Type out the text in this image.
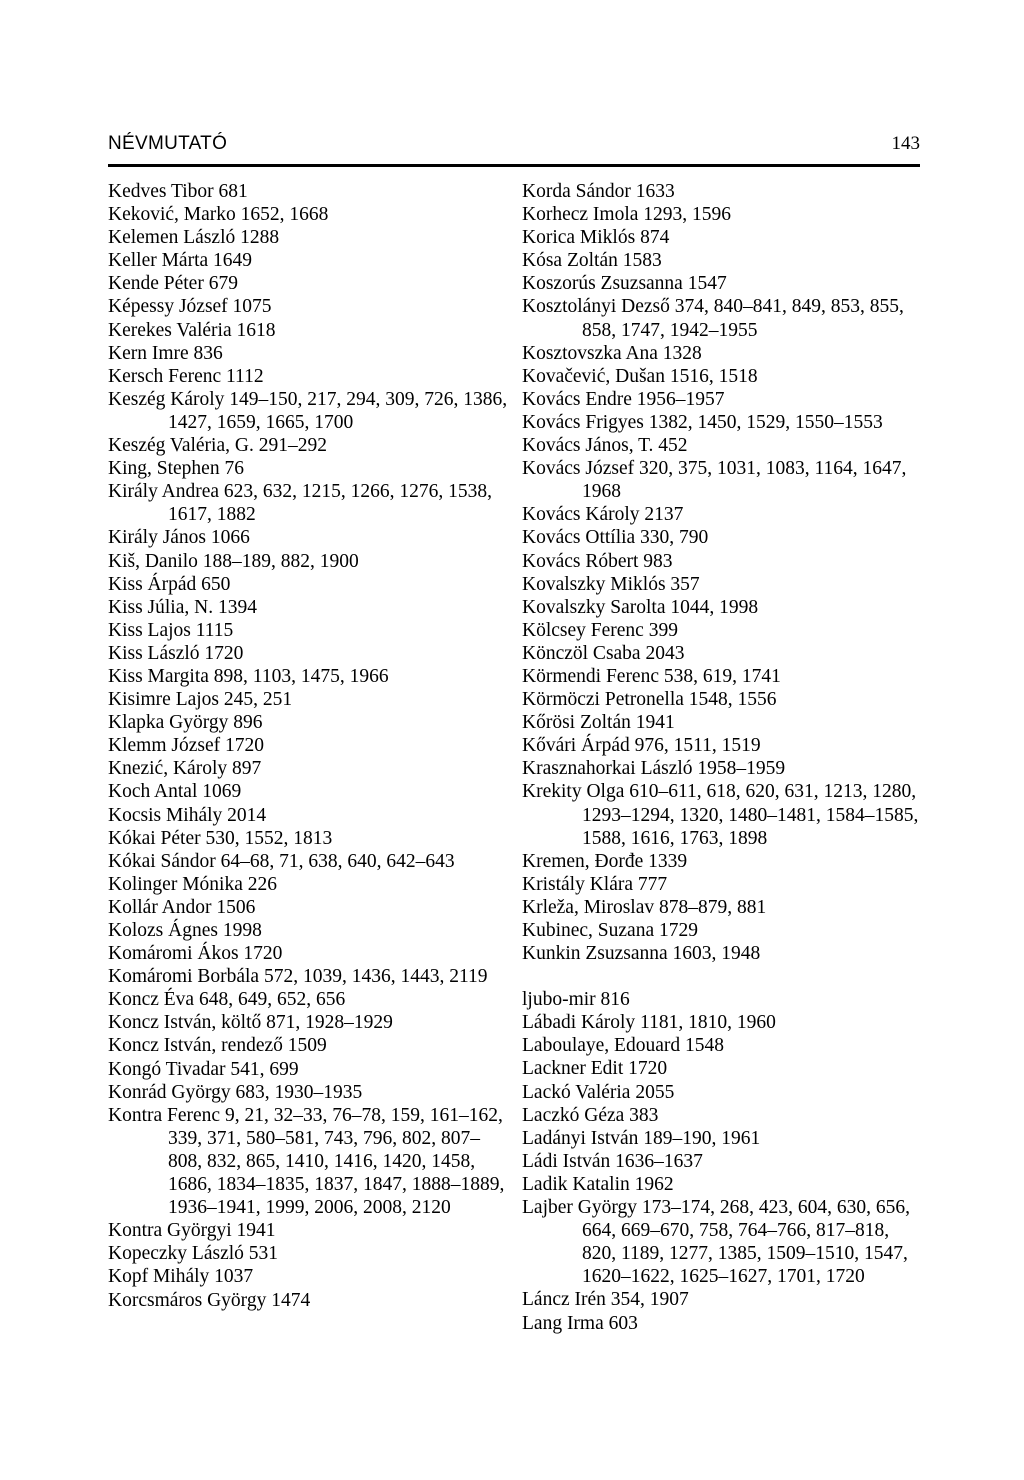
NÉVMUTATÓ	143
Kedves Tibor 681
Keković, Marko 1652, 1668
Kelemen László 1288
Keller Márta 1649
Kende Péter 679
Képessy József 1075
Kerekes Valéria 1618
Kern Imre 836
Kersch Ferenc 1112
Keszég Károly 149–150, 217, 294, 309, 726, 1386, 1427, 1659, 1665, 1700
Keszég Valéria, G. 291–292
King, Stephen 76
Király Andrea 623, 632, 1215, 1266, 1276, 1538, 1617, 1882
Király János 1066
Kiš, Danilo 188–189, 882, 1900
Kiss Árpád 650
Kiss Júlia, N. 1394
Kiss Lajos 1115
Kiss László 1720
Kiss Margita 898, 1103, 1475, 1966
Kisimre Lajos 245, 251
Klapka György 896
Klemm József 1720
Knezić, Károly 897
Koch Antal 1069
Kocsis Mihály 2014
Kókai Péter 530, 1552, 1813
Kókai Sándor 64–68, 71, 638, 640, 642–643
Kolinger Mónika 226
Kollár Andor 1506
Kolozs Ágnes 1998
Komáromi Ákos 1720
Komáromi Borbála 572, 1039, 1436, 1443, 2119
Koncz Éva 648, 649, 652, 656
Koncz István, költő 871, 1928–1929
Koncz István, rendező 1509
Kongó Tivadar 541, 699
Konrád György 683, 1930–1935
Kontra Ferenc 9, 21, 32–33, 76–78, 159, 161–162, 339, 371, 580–581, 743, 796, 802, 807–808, 832, 865, 1410, 1416, 1420, 1458, 1686, 1834–1835, 1837, 1847, 1888–1889, 1936–1941, 1999, 2006, 2008, 2120
Kontra Györgyi 1941
Kopeczky László 531
Kopf Mihály 1037
Korcsmáros György 1474
Korda Sándor 1633
Korhecz Imola 1293, 1596
Korica Miklós 874
Kósa Zoltán 1583
Koszorús Zsuzsanna 1547
Kosztolányi Dezső 374, 840–841, 849, 853, 855, 858, 1747, 1942–1955
Kosztovszka Ana 1328
Kovačević, Dušan 1516, 1518
Kovács Endre 1956–1957
Kovács Frigyes 1382, 1450, 1529, 1550–1553
Kovács János, T. 452
Kovács József 320, 375, 1031, 1083, 1164, 1647, 1968
Kovács Károly 2137
Kovács Ottília 330, 790
Kovács Róbert 983
Kovalszky Miklós 357
Kovalszky Sarolta 1044, 1998
Kölcsey Ferenc 399
Könczöl Csaba 2043
Körmendi Ferenc 538, 619, 1741
Körmöczi Petronella 1548, 1556
Kőrösi Zoltán 1941
Kővári Árpád 976, 1511, 1519
Krasznahorkai László 1958–1959
Krekity Olga 610–611, 618, 620, 631, 1213, 1280, 1293–1294, 1320, 1480–1481, 1584–1585, 1588, 1616, 1763, 1898
Kremen, Đorđe 1339
Kristály Klára 777
Krleža, Miroslav 878–879, 881
Kubinec, Suzana 1729
Kunkin Zsuzsanna 1603, 1948
ljubo-mir 816
Lábadi Károly 1181, 1810, 1960
Laboulaye, Edouard 1548
Lackner Edit 1720
Lackó Valéria 2055
Laczkó Géza 383
Ladányi István 189–190, 1961
Ládi István 1636–1637
Ladik Katalin 1962
Lajber György 173–174, 268, 423, 604, 630, 656, 664, 669–670, 758, 764–766, 817–818, 820, 1189, 1277, 1385, 1509–1510, 1547, 1620–1622, 1625–1627, 1701, 1720
Láncz Irén 354, 1907
Lang Irma 603
